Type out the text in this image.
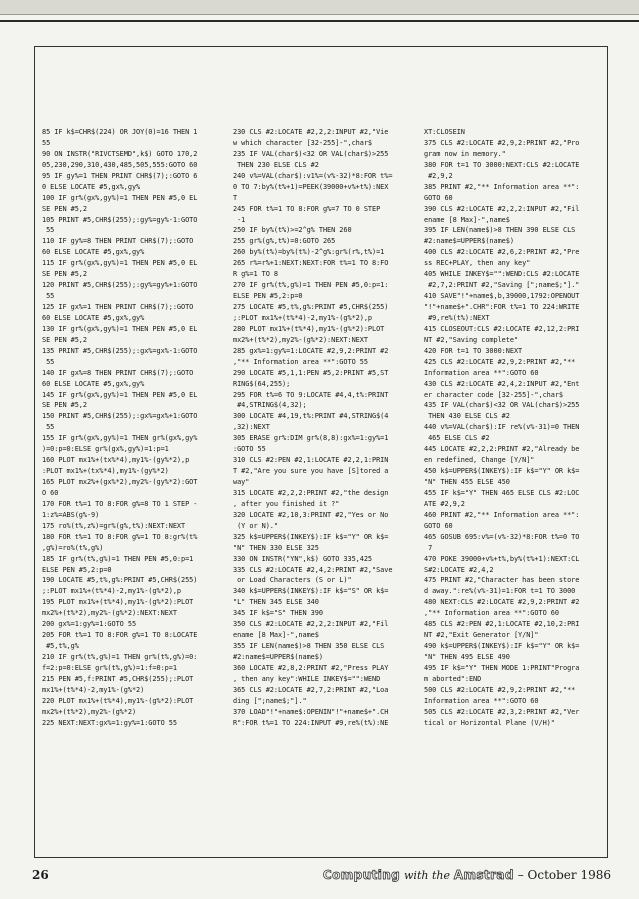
85 IF k$=CHR$(224) OR JOY(0)=16 THEN 1
55
90 ON INSTR("RIVCTSEMD",k$) GOTO 170,2
05,230,290,310,430,485,505,555:GOTO 60
95 IF gy%=1 THEN PRINT CHR$(7);:GOTO 6
0 ELSE LOCATE #5,gx%,gy%
100 IF gr%(gx%,gy%)=1 THEN PEN #5,0 EL
SE PEN #5,2
105 PRINT #5,CHR$(255);:gy%=gy%-1:GOTO
55
110 IF gy%=8 THEN PRINT CHR$(7);:GOTO
60 ELSE LOCATE #5,gx%,gy%
115 IF gr%(gx%,gy%)=1 THEN PEN #5,0 EL
SE PEN #5,2
120 PRINT #5,CHR$(255);:gy%=gy%+1:GOTO
55
125 IF gx%=1 THEN PRINT CHR$(7);:GOTO
60 ELSE LOCATE #5,gx%,gy%
130 IF gr%(gx%,gy%)=1 THEN PEN #5,0 EL
SE PEN #5,2
135 PRINT #5,CHR$(255);:gx%=gx%-1:GOTO
55
140 IF gx%=8 THEN PRINT CHR$(7);:GOTO
60 ELSE LOCATE #5,gx%,gy%
145 IF gr%(gx%,gy%)=1 THEN PEN #5,0 EL
SE PEN #5,2
150 PRINT #5,CHR$(255);:gx%=gx%+1:GOTO
55
155 IF gr%(gx%,gy%)=1 THEN gr%(gx%,gy%
)=0:p=0:ELSE gr%(gx%,gy%)=1:p=1
160 PLOT mx1%+(tx%*4),my1%-(gy%*2),p
:PLOT mx1%+(tx%*4),my1%-(gy%*2)
165 PLOT mx2%+(gx%*2),my2%-(gy%*2):GOT
O 60
170 FOR t%=1 TO 8:FOR g%=8 TO 1 STEP -
1:z%=ABS(g%-9)
175 ro%(t%,z%)=gr%(g%,t%):NEXT:NEXT
180 FOR t%=1 TO 8:FOR g%=1 TO 8:gr%(t%
,g%)=ro%(t%,g%)
185 IF gr%(t%,g%)=1 THEN PEN #5,0:p=1
ELSE PEN #5,2:p=0
190 LOCATE #5,t%,g%:PRINT #5,CHR$(255)
;:PLOT mx1%+(t%*4)-2,my1%-(g%*2),p
195 PLOT mx1%+(t%*4),my1%-(g%*2):PLOT
mx2%+(t%*2),my2%-(g%*2):NEXT:NEXT
200 gx%=1:gy%=1:GOTO 55
205 FOR t%=1 TO 8:FOR g%=1 TO 8:LOCATE
#5,t%,g%
210 IF gr%(t%,g%)=1 THEN gr%(t%,g%)=0:
f=2:p=0:ELSE gr%(t%,g%)=1:f=0:p=1
215 PEN #5,f:PRINT #5,CHR$(255);:PLOT
mx1%+(t%*4)-2,my1%-(g%*2)
220 PLOT mx1%+(t%*4),my1%-(g%*2):PLOT
mx2%+(t%*2),my2%-(g%*2)
225 NEXT:NEXT:gx%=1:gy%=1:GOTO 55
230 CLS #2:LOCATE #2,2,2:INPUT #2,"Vie
w which character [32-255]-",char$
235 IF VAL(char$)<32 OR VAL(char$)>255
THEN 230 ELSE CLS #2
240 v%=VAL(char$):v1%=(v%-32)*8:FOR t%=
0 TO 7:by%(t%+1)=PEEK(39000+v%+t%):NEX
T
245 FOR t%=1 TO 8:FOR g%=7 TO 0 STEP
-1
250 IF by%(t%)>=2^g% THEN 260
255 gr%(g%,t%)=0:GOTO 265
260 by%(t%)=by%(t%)-2^g%:gr%(r%,t%)=1
265 r%=r%+1:NEXT:NEXT:FOR t%=1 TO 8:FO
R g%=1 TO 8
270 IF gr%(t%,g%)=1 THEN PEN #5,0:p=1:
ELSE PEN #5,2:p=0
275 LOCATE #5,t%,g%:PRINT #5,CHR$(255)
;:PLOT mx1%+(t%*4)-2,my1%-(g%*2),p
280 PLOT mx1%+(t%*4),my1%-(g%*2):PLOT
mx2%+(t%*2),my2%-(g%*2):NEXT:NEXT
285 gx%=1:gy%=1:LOCATE #2,9,2:PRINT #2
,"** Information area **":GOTO 55
290 LOCATE #5,1,1:PEN #5,2:PRINT #5,ST
RING$(64,255);
295 FOR t%=6 TO 9:LOCATE #4,4,t%:PRINT
#4,STRING$(4,32);
300 LOCATE #4,19,t%:PRINT #4,STRING$(4
,32):NEXT
305 ERASE gr%:DIM gr%(8,8):gx%=1:gy%=1
:GOTO 55
310 CLS #2:PEN #2,1:LOCATE #2,2,1:PRIN
T #2,"Are you sure you have [S]tored a
way"
315 LOCATE #2,2,2:PRINT #2,"the design
, after you finished it ?"
320 LOCATE #2,10,3:PRINT #2,"Yes or No
(Y or N)."
325 k$=UPPER$(INKEY$):IF k$="Y" OR k$=
"N" THEN 330 ELSE 325
330 ON INSTR("YN",k$) GOTO 335,425
335 CLS #2:LOCATE #2,4,2:PRINT #2,"Save
or Load Characters (S or L)"
340 k$=UPPER$(INKEY$):IF k$="S" OR k$=
"L" THEN 345 ELSE 340
345 IF k$="S" THEN 390
350 CLS #2:LOCATE #2,2,2:INPUT #2,"Fil
ename [8 Max]-",name$
355 IF LEN(name$)>8 THEN 350 ELSE CLS
#2:name$=UPPER$(name$)
360 LOCATE #2,8,2:PRINT #2,"Press PLAY
, then any key":WHILE INKEY$="":WEND
365 CLS #2:LOCATE #2,7,2:PRINT #2,"Loa
ding [";name$;"]."
370 LOAD"!"+name$:OPENIN"!"+name$+".CH
R":FOR t%=1 TO 224:INPUT #9,re%(t%):NE
XT:CLOSEIN
375 CLS #2:LOCATE #2,9,2:PRINT #2,"Pro
gram now in memory."
380 FOR t=1 TO 3000:NEXT:CLS #2:LOCATE
#2,9,2
385 PRINT #2,"** Information area **":
GOTO 60
390 CLS #2:LOCATE #2,2,2:INPUT #2,"Fil
ename [8 Max]-",name$
395 IF LEN(name$)>8 THEN 390 ELSE CLS
#2:name$=UPPER$(name$)
400 CLS #2:LOCATE #2,6,2:PRINT #2,"Pre
ss REC+PLAY, then any key"
405 WHILE INKEY$="":WEND:CLS #2:LOCATE
#2,7,2:PRINT #2,"Saving [";name$;"]."
410 SAVE"!"+name$,b,39000,1792:OPENOUT
"!"+name$+".CHR":FOR t%=1 TO 224:WRITE
#9,re%(t%):NEXT
415 CLOSEOUT:CLS #2:LOCATE #2,12,2:PRI
NT #2,"Saving complete"
420 FOR t=1 TO 3000:NEXT
425 CLS #2:LOCATE #2,9,2:PRINT #2,"**
Information area **":GOTO 60
430 CLS #2:LOCATE #2,4,2:INPUT #2,"Ent
er character code [32-255]-",char$
435 IF VAL(char$)<32 OR VAL(char$)>255
THEN 430 ELSE CLS #2
440 v%=VAL(char$):IF re%(v%-31)=0 THEN
465 ELSE CLS #2
445 LOCATE #2,2,2:PRINT #2,"Already be
en redefined, Change [Y/N]"
450 k$=UPPER$(INKEY$):IF k$="Y" OR k$=
"N" THEN 455 ELSE 450
455 IF k$="Y" THEN 465 ELSE CLS #2:LOC
ATE #2,9,2
460 PRINT #2,"** Information area **":
GOTO 60
465 GOSUB 695:v%=(v%-32)*8:FOR t%=0 TO
7
470 POKE 39000+v%+t%,by%(t%+1):NEXT:CL
S#2:LOCATE #2,4,2
475 PRINT #2,"Character has been store
d away.":re%(v%-31)=1:FOR t=1 TO 3000
480 NEXT:CLS #2:LOCATE #2,9,2:PRINT #2
,"** Information area **":GOTO 60
485 CLS #2:PEN #2,1:LOCATE #2,10,2:PRI
NT #2,"Exit Generator [Y/N]"
490 k$=UPPER$(INKEY$):IF k$="Y" OR k$=
"N" THEN 495 ELSE 490
495 IF k$="Y" THEN MODE 1:PRINT"Progra
m aborted":END
500 CLS #2:LOCATE #2,9,2:PRINT #2,"**
Information area **":GOTO 60
505 CLS #2:LOCATE #2,3,2:PRINT #2,"Ver
tical or Horizontal Plane (V/H)"
26	Computing with the Amstrad – October 1986
